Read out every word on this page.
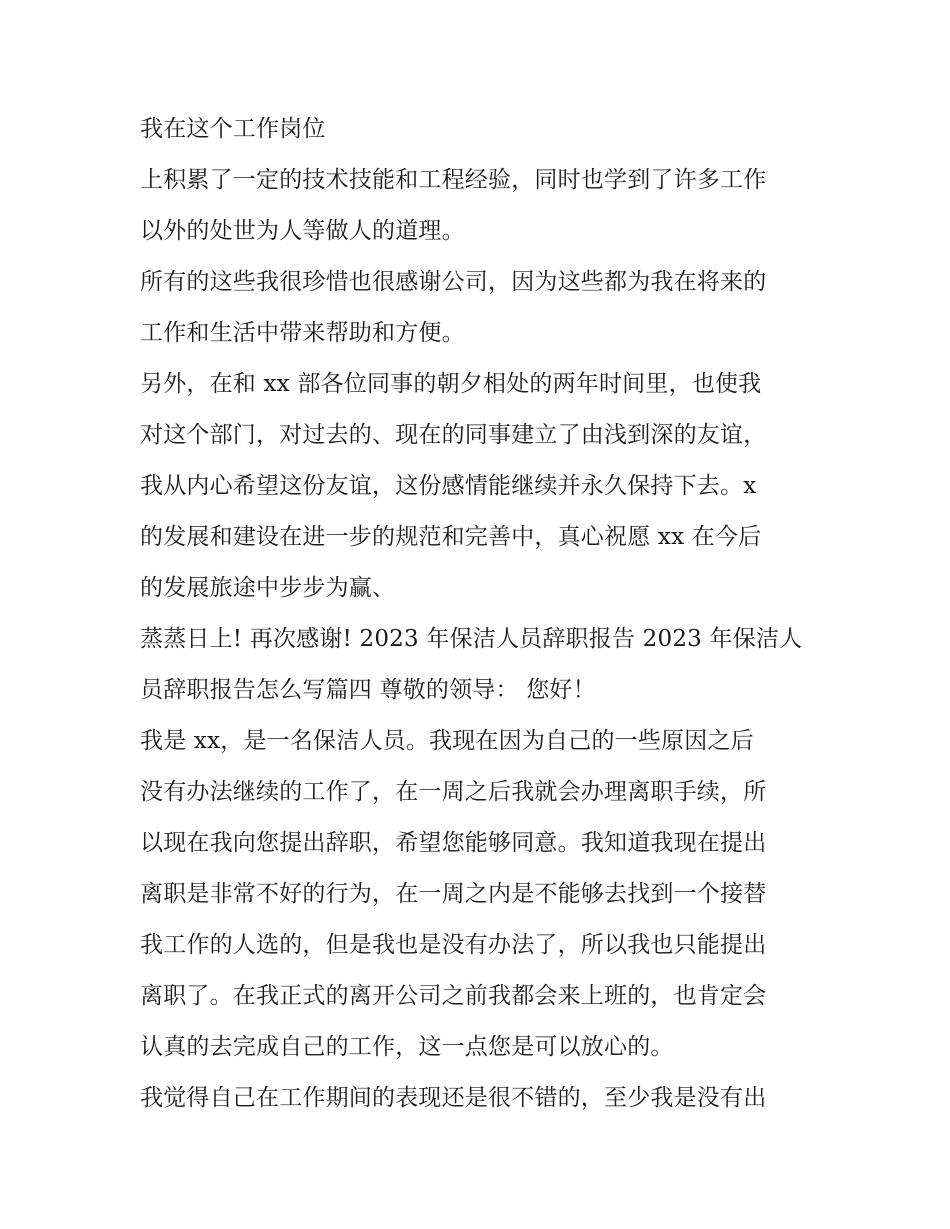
我在这个工作岗位
上积累了一定的技术技能和工程经验，同时也学到了许多工作
以外的处世为人等做人的道理。
所有的这些我很珍惜也很感谢公司，因为这些都为我在将来的
工作和生活中带来帮助和方便。
另外，在和 xx 部各位同事的朝夕相处的两年时间里，也使我
对这个部门，对过去的、现在的同事建立了由浅到深的友谊，
我从内心希望这份友谊，这份感情能继续并永久保持下去。x
的发展和建设在进一步的规范和完善中，真心祝愿 xx 在今后
的发展旅途中步步为赢、
蒸蒸日上! 再次感谢! 2023 年保洁人员辞职报告 2023 年保洁人
员辞职报告怎么写篇四 尊敬的领导： 您好！
我是 xx，是一名保洁人员。我现在因为自己的一些原因之后
没有办法继续的工作了，在一周之后我就会办理离职手续，所
以现在我向您提出辞职，希望您能够同意。我知道我现在提出
离职是非常不好的行为，在一周之内是不能够去找到一个接替
我工作的人选的，但是我也是没有办法了，所以我也只能提出
离职了。在我正式的离开公司之前我都会来上班的，也肯定会
认真的去完成自己的工作，这一点您是可以放心的。
我觉得自己在工作期间的表现还是很不错的，至少我是没有出
